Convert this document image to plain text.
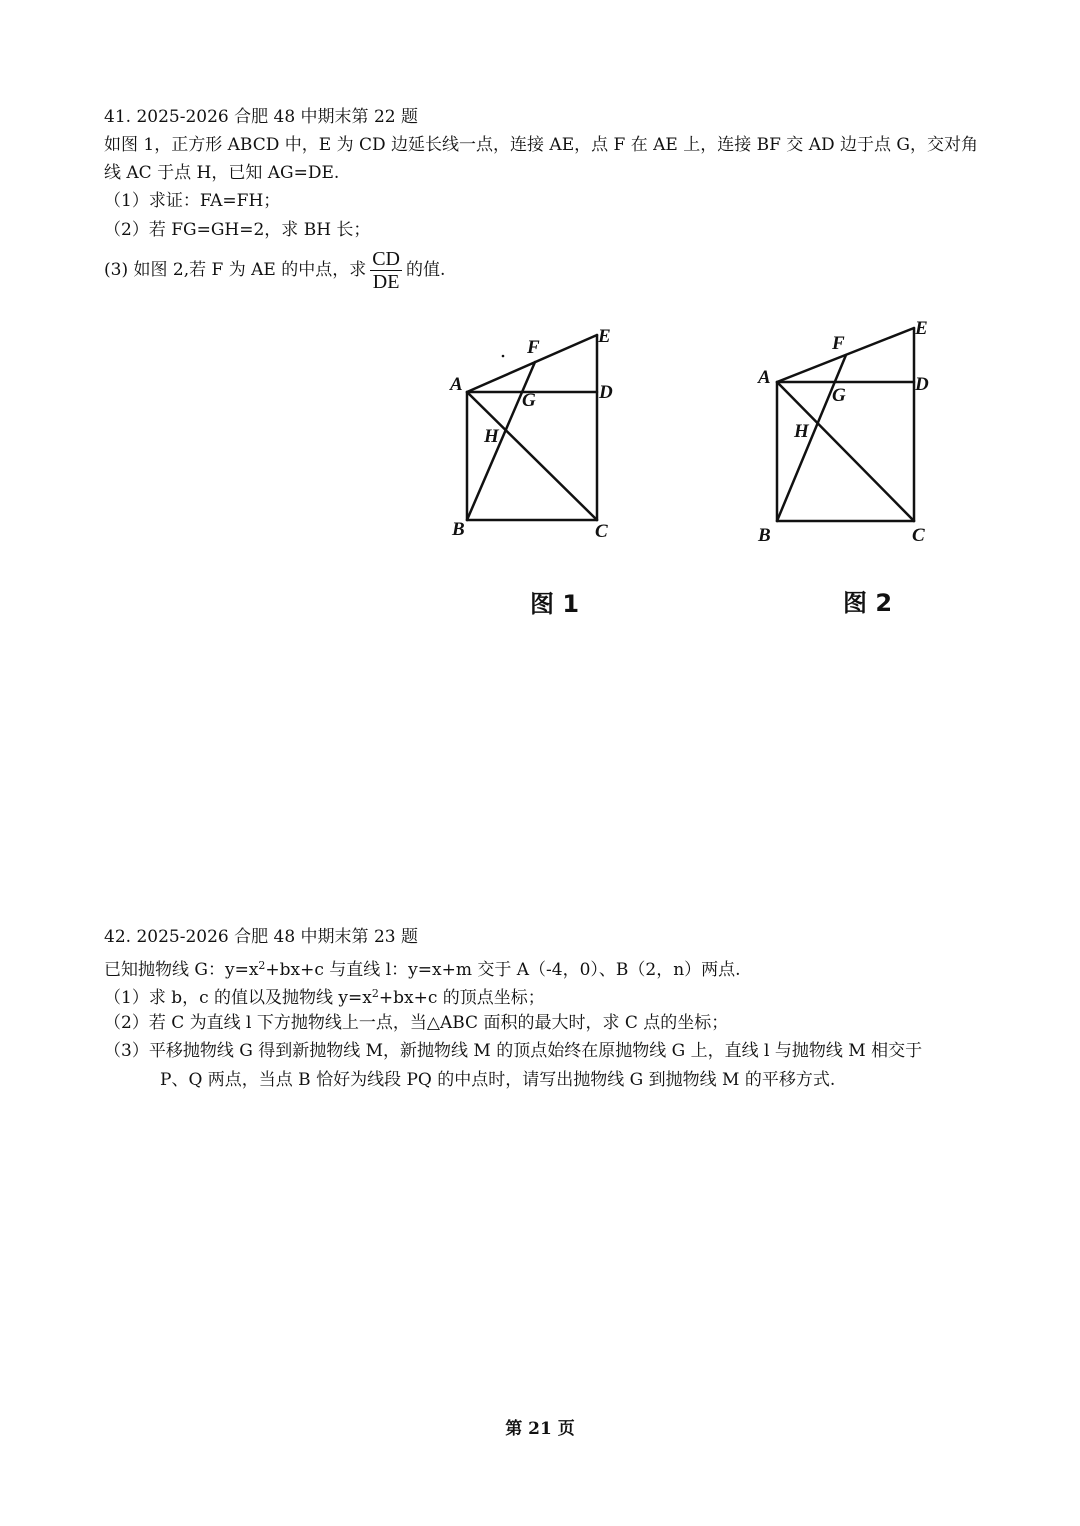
41. 2025-2026 合肥 48 中期末第 22 题
如图 1，正方形 ABCD 中，E 为 CD 边延长线一点，连接 AE，点 F 在 AE 上，连接 BF 交 AD 边于点 G，交对角
线 AC 于点 H，已知 AG=DE.
（1）求证：FA=FH；
（2）若 FG=GH=2，求 BH 长；
(3) 如图 2,若 F 为 AE 的中点，求 $\frac{CD}{DE}$ 的值.
A
B	C
D
E
F
G
H
图 1
A
B	C
D
E
F
G
H
图 2
42. 2025-2026 合肥 48 中期末第 23 题
已知抛物线 G：$y=x^2+bx+c$ 与直线 l：y=x+m 交于 A（-4，0）、B（2，n）两点.
（1）求 b，c 的值以及抛物线 $y=x^2+bx+c$ 的顶点坐标；
（2）若 C 为直线 l 下方抛物线上一点，当△ABC 面积的最大时，求 C 点的坐标；
（3）平移抛物线 G 得到新抛物线 M，新抛物线 M 的顶点始终在原抛物线 G 上，直线 l 与抛物线 M 相交于
P、Q 两点，当点 B 恰好为线段 PQ 的中点时，请写出抛物线 G 到抛物线 M 的平移方式.
第 21 页
